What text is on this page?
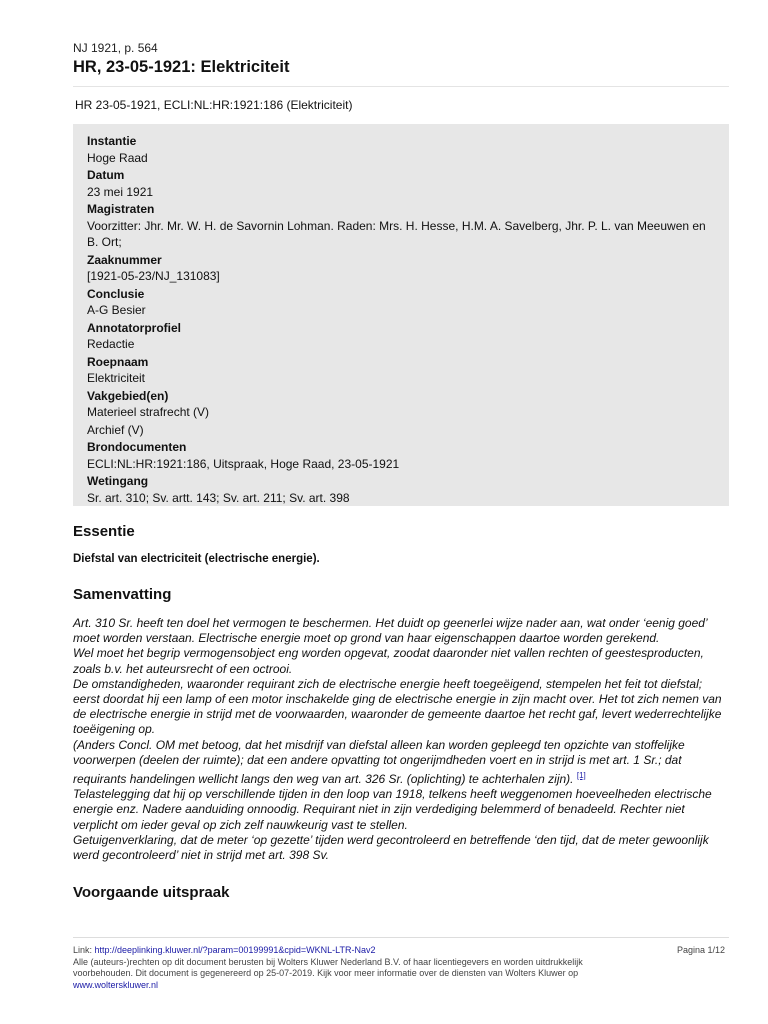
NJ 1921, p. 564
HR, 23-05-1921: Elektriciteit
HR 23-05-1921, ECLI:NL:HR:1921:186 (Elektriciteit)
Instantie
Hoge Raad
Datum
23 mei 1921
Magistraten
Voorzitter: Jhr. Mr. W. H. de Savornin Lohman. Raden: Mrs. H. Hesse, H.M. A. Savelberg, Jhr. P. L. van Meeuwen en B. Ort;
Zaaknummer
[1921-05-23/NJ_131083]
Conclusie
A-G Besier
Annotatorprofiel
Redactie
Roepnaam
Elektriciteit
Vakgebied(en)
Materieel strafrecht (V)
Archief (V)
Brondocumenten
ECLI:NL:HR:1921:186, Uitspraak, Hoge Raad, 23-05-1921
Wetingang
Sr. art. 310; Sv. artt. 143; Sv. art. 211; Sv. art. 398
Essentie
Diefstal van electriciteit (electrische energie).
Samenvatting

Art. 310 Sr. heeft ten doel het vermogen te beschermen. Het duidt op geenerlei wijze nader aan, wat onder ‘eenig goed’ moet worden verstaan. Electrische energie moet op grond van haar eigenschappen daartoe worden gerekend.

Wel moet het begrip vermogensobject eng worden opgevat, zoodat daaronder niet vallen rechten of geestesproducten, zoals b.v. het auteursrecht of een octrooi.

De omstandigheden, waaronder requirant zich de electrische energie heeft toegeëigend, stempelen het feit tot diefstal; eerst doordat hij een lamp of een motor inschakelde ging de electrische energie in zijn macht over. Het tot zich nemen van de electrische energie in strijd met de voorwaarden, waaronder de gemeente daartoe het recht gaf, levert wederrechtelijke toeëigening op.

(Anders Concl. OM met betoog, dat het misdrijf van diefstal alleen kan worden gepleegd ten opzichte van stoffelijke voorwerpen (deelen der ruimte); dat een andere opvatting tot ongerijmdheden voert en in strijd is met art. 1 Sr.; dat requirants handelingen wellicht langs den weg van art. 326 Sr. (oplichting) te achterhalen zijn). [1]

Telastelegging dat hij op verschillende tijden in den loop van 1918, telkens heeft weggenomen hoeveelheden electrische energie enz. Nadere aanduiding onnoodig. Requirant niet in zijn verdediging belemmerd of benadeeld. Rechter niet verplicht om ieder geval op zich zelf nauwkeurig vast te stellen.

Getuigenverklaring, dat de meter ‘op gezette’ tijden werd gecontroleerd en betreffende ‘den tijd, dat de meter gewoonlijk werd gecontroleerd’ niet in strijd met art. 398 Sv.

Voorgaande uitspraak
Link: http://deeplinking.kluwer.nl/?param=00199991&cpid=WKNL-LTR-Nav2
Alle (auteurs-)rechten op dit document berusten bij Wolters Kluwer Nederland B.V. of haar licentiegevers en worden uitdrukkelijk voorbehouden. Dit document is gegenereerd op 25-07-2019. Kijk voor meer informatie over de diensten van Wolters Kluwer op www.wolterskluwer.nl
Pagina 1/12
